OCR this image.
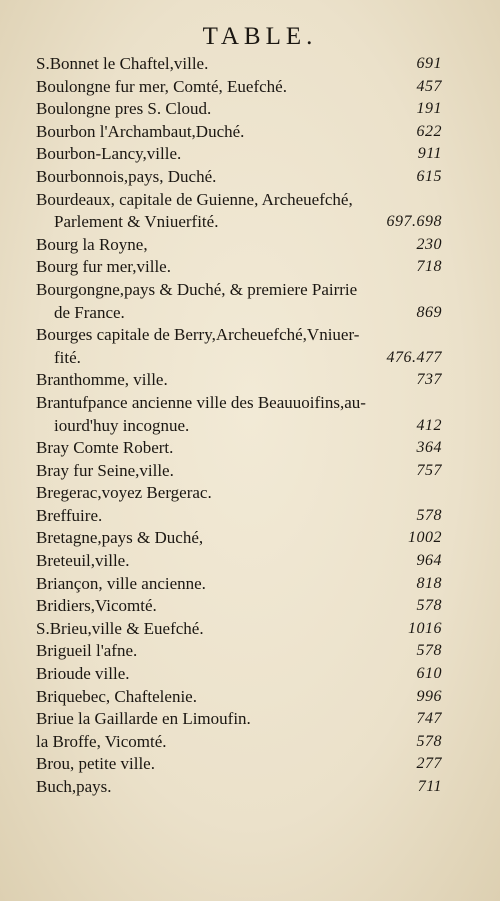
TABLE.
S.Bonnet le Chaftel,ville.	691
Boulongne fur mer, Comté, Euefché.	457
Boulongne pres S. Cloud.	191
Bourbon l'Archambaut,Duché.	622
Bourbon-Lancy,ville.	911
Bourbonnois,pays, Duché.	615
Bourdeaux, capitale de Guienne, Archeuefché,
Parlement & Vniuerfité.	697.698
Bourg la Royne,	230
Bourg fur mer,ville.	718
Bourgongne,pays & Duché, & premiere Pairrie
de France.	869
Bourges capitale de Berry,Archeuefché,Vniuer-
fité.	476.477
Branthomme, ville.	737
Brantufpance ancienne ville des Beauuoifins,au-
iourd'huy incognue.	412
Bray Comte Robert.	364
Bray fur Seine,ville.	757
Bregerac,voyez Bergerac.
Breffuire.	578
Bretagne,pays & Duché,	1002
Breteuil,ville.	964
Briançon, ville ancienne.	818
Bridiers,Vicomté.	578
S.Brieu,ville & Euefché.	1016
Brigueil l'afne.	578
Brioude ville.	610
Briquebec, Chaftelenie.	996
Briue la Gaillarde en Limoufin.	747
la Broffe, Vicomté.	578
Brou, petite ville.	277
Buch,pays.	711
